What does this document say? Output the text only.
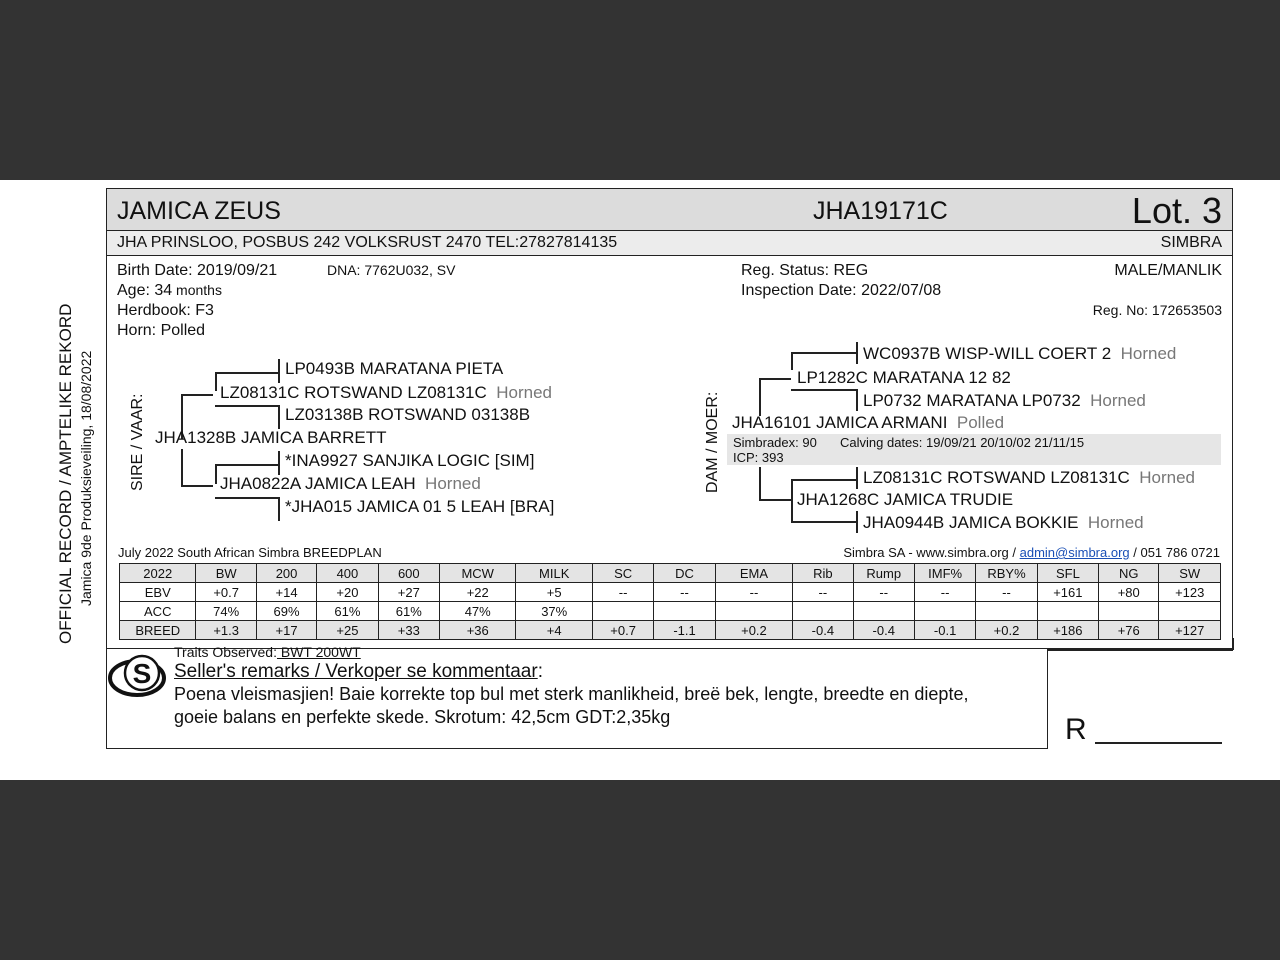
OFFICIAL RECORD / AMPTELIKE REKORD Jamica 9de Produksieveiling, 18/08/2022
JAMICA ZEUS	JHA19171C	Lot. 3
JHA PRINSLOO, POSBUS 242 VOLKSRUST 2470 TEL:27827814135	SIMBRA
Birth Date: 2019/09/21	DNA: 7762U032, SV
Age: 34 months
Herdbook: F3
Horn: Polled
Reg. Status: REG
Inspection Date: 2022/07/08
MALE/MANLIK
Reg. No: 172653503
SIRE / VAAR:
LP0493B MARATANA PIETA
LZ08131C ROTSWAND LZ08131C Horned
LZ03138B ROTSWAND 03138B
JHA1328B JAMICA BARRETT
*INA9927 SANJIKA LOGIC [SIM]
JHA0822A JAMICA LEAH Horned
*JHA015 JAMICA 01 5 LEAH [BRA]
DAM / MOER:
WC0937B WISP-WILL COERT 2 Horned
LP1282C MARATANA 12 82
LP0732 MARATANA LP0732 Horned
JHA16101 JAMICA ARMANI Polled
Simbradex: 90 Calving dates: 19/09/21 20/10/02 21/11/15
ICP: 393
LZ08131C ROTSWAND LZ08131C Horned
JHA1268C JAMICA TRUDIE
JHA0944B JAMICA BOKKIE Horned
July 2022 South African Simbra BREEDPLAN	Simbra SA - www.simbra.org / admin@simbra.org / 051 786 0721
2022	BW	200	400	600	MCW	MILK	SC	DC	EMA	Rib	Rump	IMF%	RBY%	SFL	NG	SW
EBV	+0.7	+14	+20	+27	+22	+5	--	--	--	--	--	--	--	+161	+80	+123
ACC	74%	69%	61%	61%	47%	37%										
BREED	+1.3	+17	+25	+33	+36	+4	+0.7	-1.1	+0.2	-0.4	-0.4	-0.1	+0.2	+186	+76	+127
S
Traits Observed: BWT 200WT
Seller's remarks / Verkoper se kommentaar:
Poena vleismasjien! Baie korrekte top bul met sterk manlikheid, breë bek, lengte, breedte en diepte,
goeie balans en perfekte skede. Skrotum: 42,5cm GDT:2,35kg	R
